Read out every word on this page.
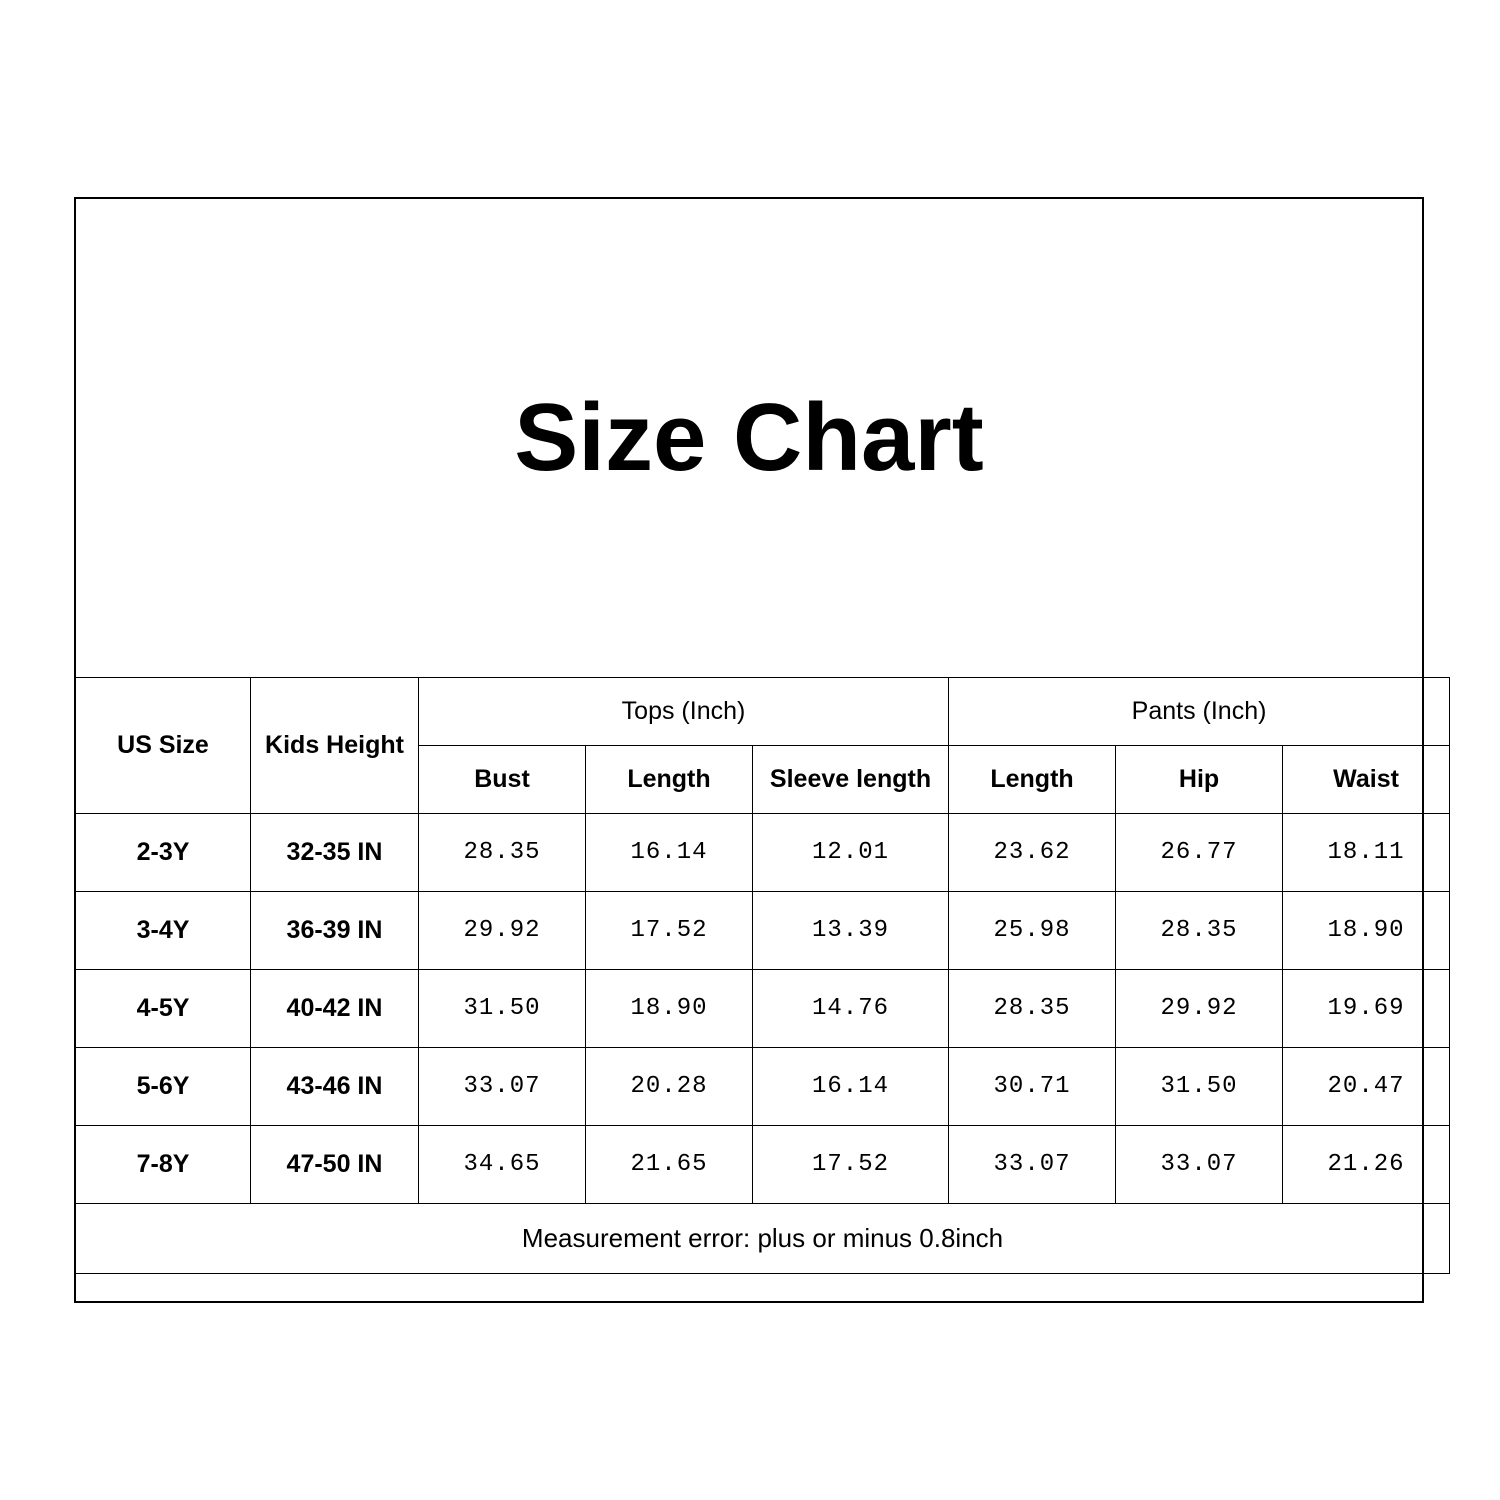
Size Chart
US Size	Kids Height	Tops (Inch)			Pants (Inch)		
		Bust	Length	Sleeve length	Length	Hip	Waist
2-3Y	32-35 IN	28.35	16.14	12.01	23.62	26.77	18.11
3-4Y	36-39 IN	29.92	17.52	13.39	25.98	28.35	18.90
4-5Y	40-42 IN	31.50	18.90	14.76	28.35	29.92	19.69
5-6Y	43-46 IN	33.07	20.28	16.14	30.71	31.50	20.47
7-8Y	47-50 IN	34.65	21.65	17.52	33.07	33.07	21.26
Measurement error: plus or minus 0.8inch							
